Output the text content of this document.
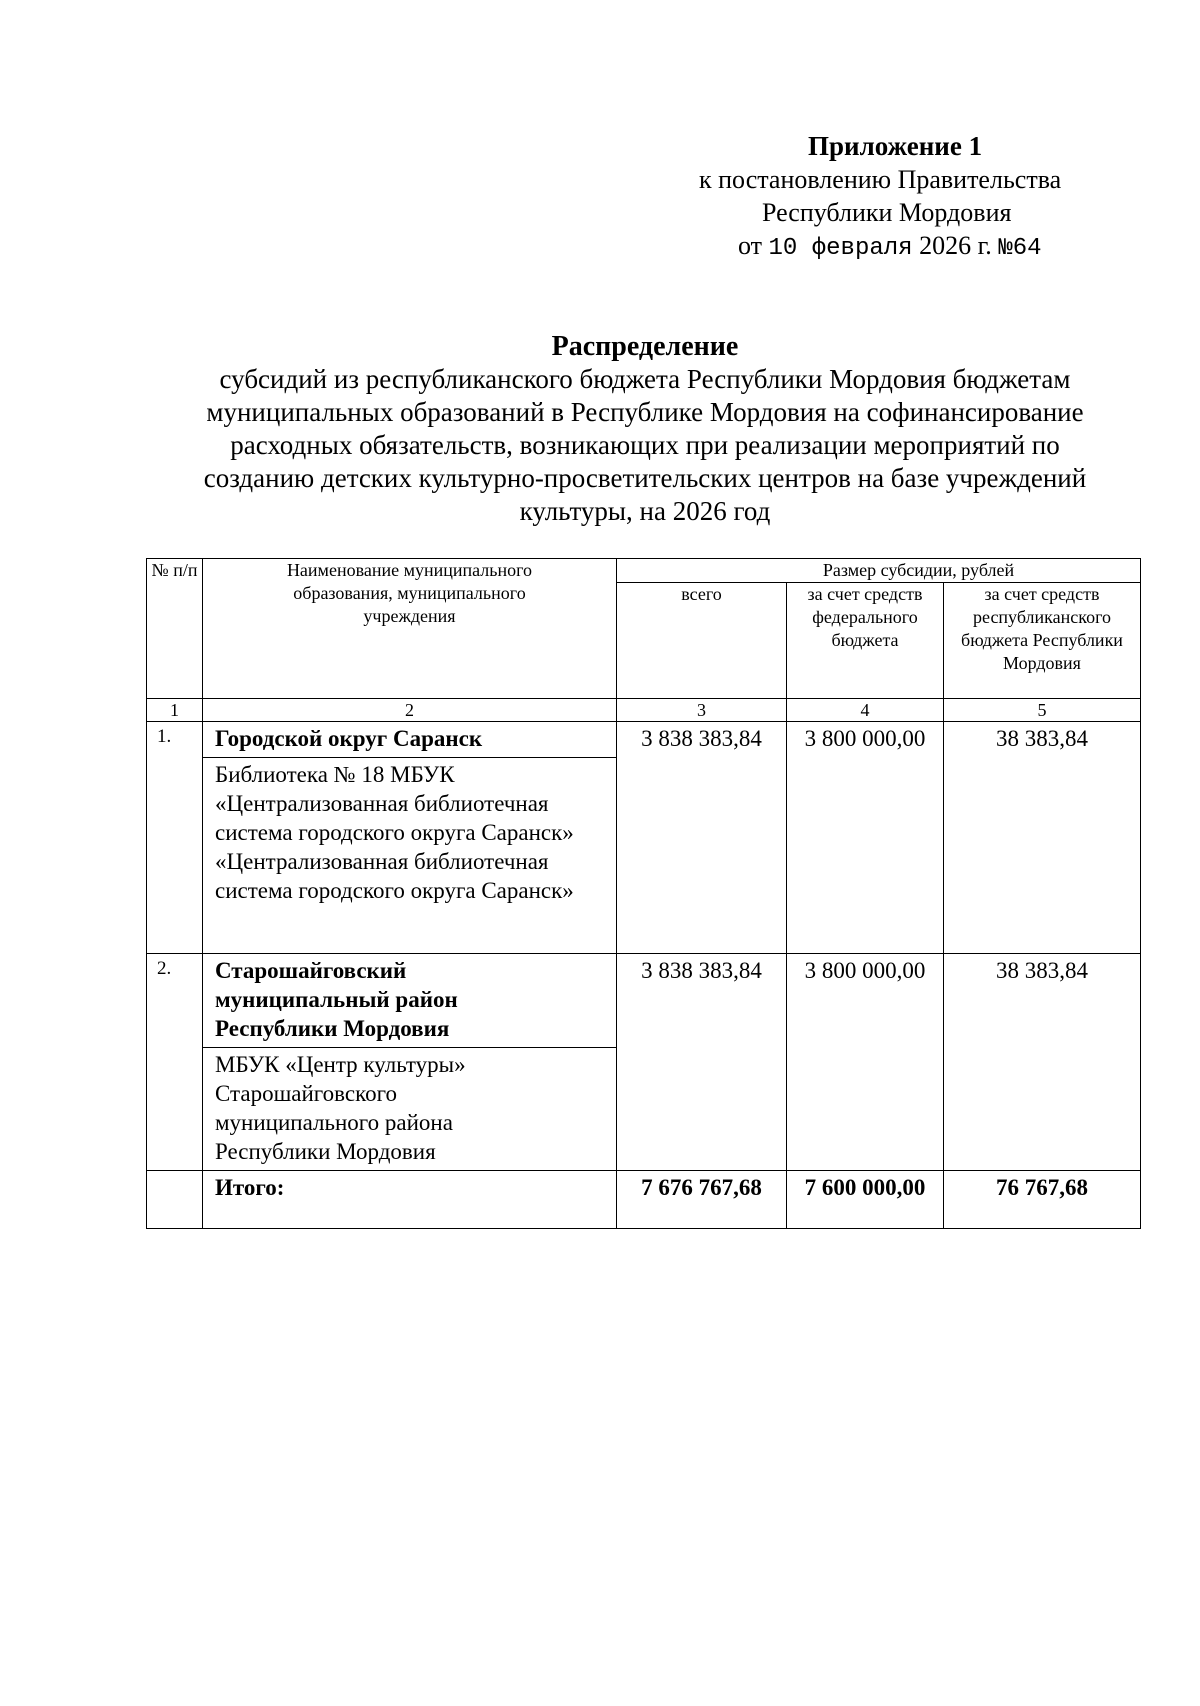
Приложение 1
к постановлению Правительства
Республики Мордовия
от 10 февраля 2026 г. №64
Распределение
субсидий из республиканского бюджета Республики Мордовия бюджетам
муниципальных образований в Республике Мордовия на софинансирование
расходных обязательств, возникающих при реализации мероприятий по
созданию детских культурно-просветительских центров на базе учреждений
культуры, на 2026 год
№ п/п	Наименование муниципального образования, муниципального учреждения	Размер субсидии, рублей		
		всего	за счет средств федерального бюджета	за счет средств республиканского бюджета Республики Мордовия
1	2	3	4	5
1.	Городской округ Саранск	3 838 383,84	3 800 000,00	38 383,84
	Библиотека № 18 МБУК «Централизованная библиотечная система городского округа Саранск» «Централизованная библиотечная система городского округа Саранск»			
2.	Старошайговский муниципальный район Республики Мордовия	3 838 383,84	3 800 000,00	38 383,84
	МБУК «Центр культуры» Старошайговского муниципального района Республики Мордовия			
	Итого:	7 676 767,68	7 600 000,00	76 767,68
